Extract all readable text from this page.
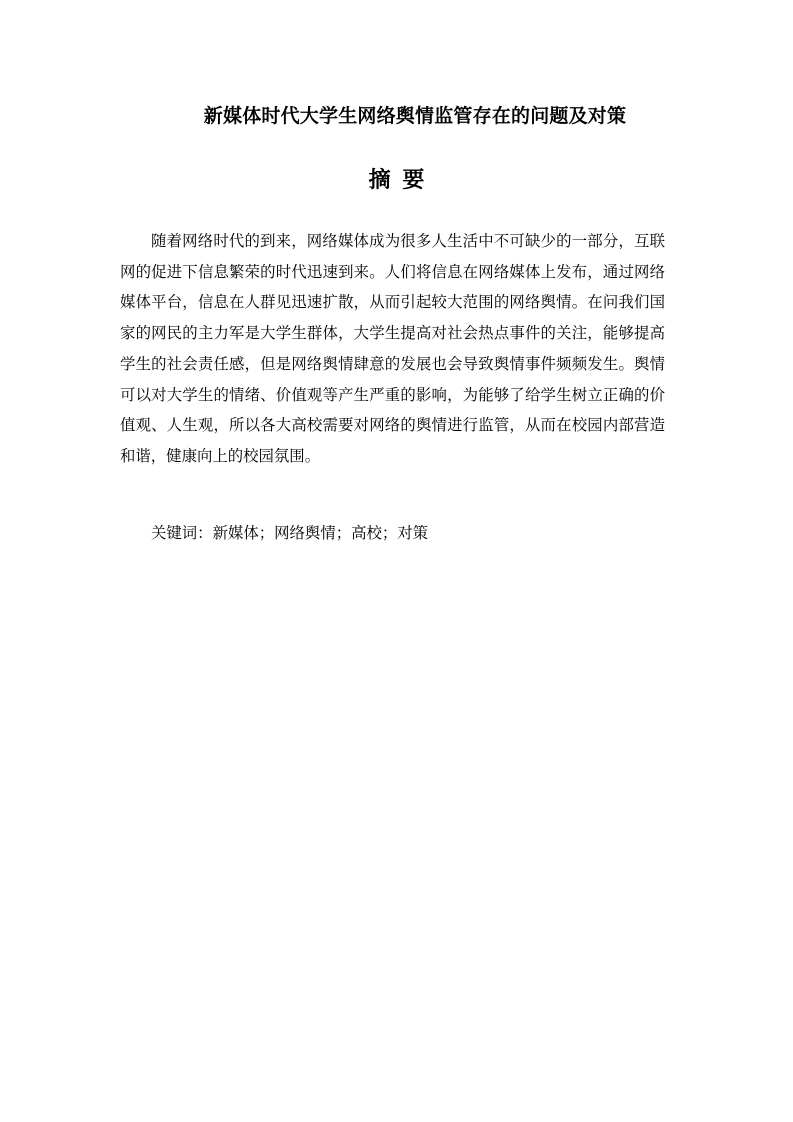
新媒体时代大学生网络舆情监管存在的问题及对策
摘 要

随着网络时代的到来，网络媒体成为很多人生活中不可缺少的一部分，互联网的促进下信息繁荣的时代迅速到来。人们将信息在网络媒体上发布，通过网络媒体平台，信息在人群见迅速扩散，从而引起较大范围的网络舆情。在问我们国家的网民的主力军是大学生群体，大学生提高对社会热点事件的关注，能够提高学生的社会责任感，但是网络舆情肆意的发展也会导致舆情事件频频发生。舆情可以对大学生的情绪、价值观等产生严重的影响，为能够了给学生树立正确的价值观、人生观，所以各大高校需要对网络的舆情进行监管，从而在校园内部营造和谐，健康向上的校园氛围。

关键词：新媒体；网络舆情；高校；对策
